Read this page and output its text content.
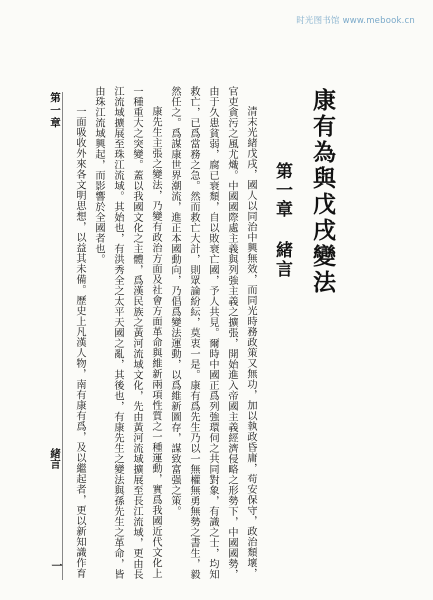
时光图书馆 www.mebook.cn
康有為與戊戌變法
第一章 緒言

清末光緒戊戌，國人以同治中興無效，而同光時務政策又無功，加以執政昏庸，苟安保守，政治頹壞，官吏貪污之風尤熾。中國國際處主義與列強主義之擴張，開始進入帝國主義經濟侵略之形勢下，中國國勢，由于久患貧弱，腐已衰頹，自以敗衰亡國，予人共見。爾時中國正爲列強環伺之共同對象，有識之士，均知救亡，已爲當務之急。然而救亡大計，則眾論紛紜，莫衷一是。康有爲先生乃以一無權無勇無勢之書生，毅然任之。爲謀康世界潮流，進正本國動向，乃倡爲變法運動，以爲維新圖存，謀致富强之策。

康先生主張之變法，乃變有政治方面及社會方面革命與維新兩項性質之一種運動，實爲我國近代文化上一種重大之突變。蓋以我國文化之主體，爲漢民族之黃河流域文化，先由黃河流域擴展至長江流域，更由長江流域擴展至珠江流域。其始也，有洪秀全之太平天國之亂，其後也，有康先生之變法與孫先生之革命，皆由珠江流域興起，而影響於全國者也。

一面吸收外來各文明思想，以益其未備。歷史上凡漢人物，南有康有爲，及以繼起者，更以新知識作育

第一章
緒言
一
